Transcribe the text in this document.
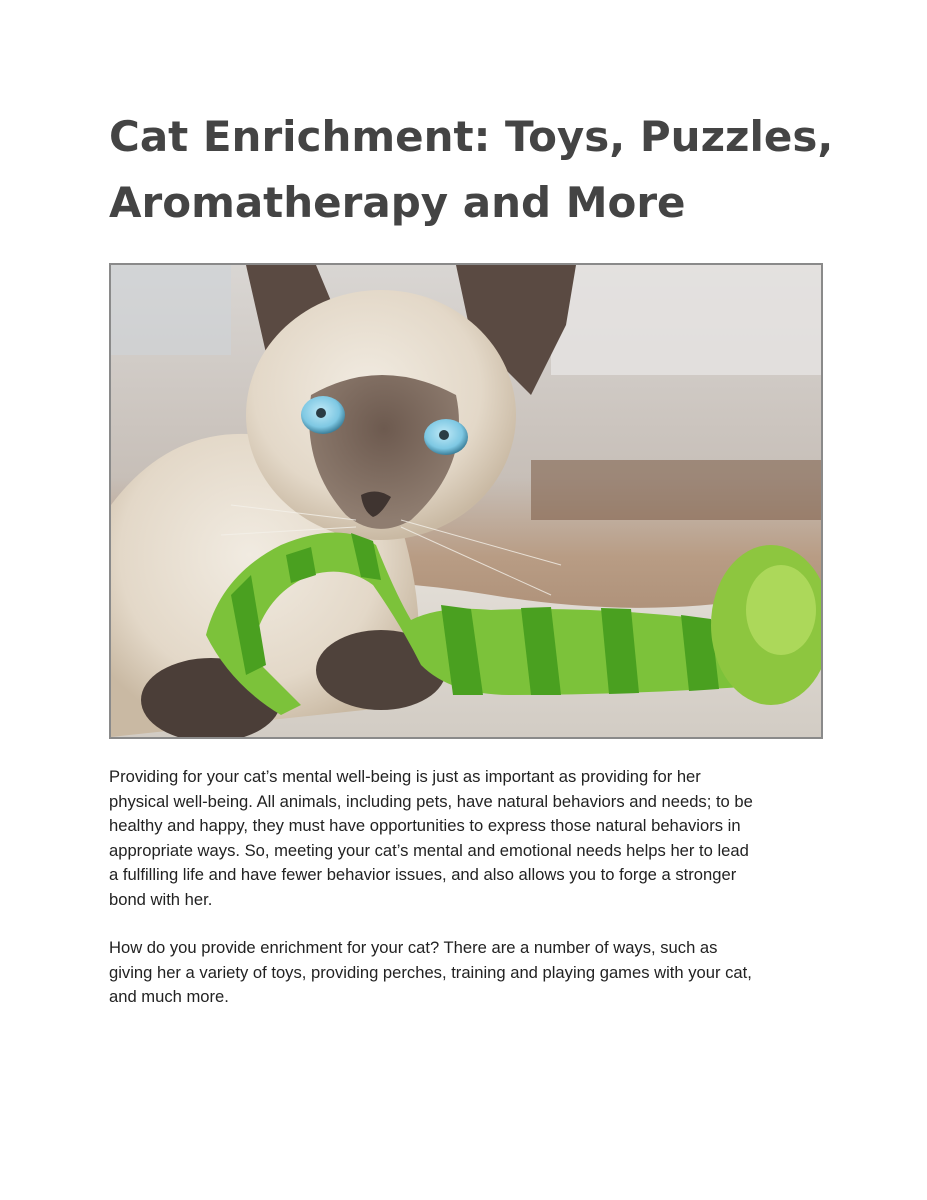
Cat Enrichment: Toys, Puzzles,
Aromatherapy and More
Providing for your cat’s mental well-being is just as important as providing for her
physical well-being. All animals, including pets, have natural behaviors and needs; to be
healthy and happy, they must have opportunities to express those natural behaviors in
appropriate ways. So, meeting your cat’s mental and emotional needs helps her to lead
a fulfilling life and have fewer behavior issues, and also allows you to forge a stronger
bond with her.
How do you provide enrichment for your cat? There are a number of ways, such as
giving her a variety of toys, providing perches, training and playing games with your cat,
and much more.
